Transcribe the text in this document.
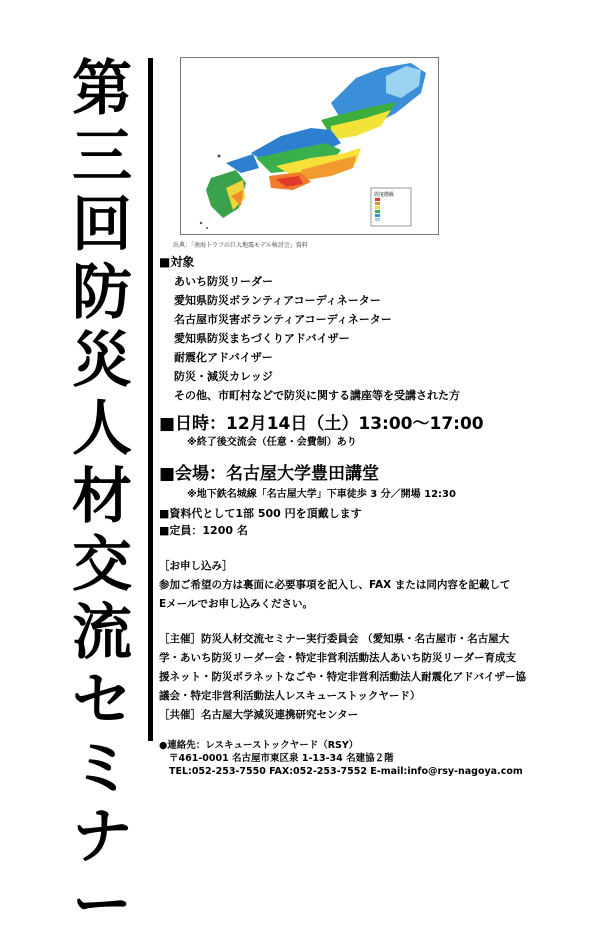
第
三
回
防
災
人
材
交
流
セ
ミ
ナ
ー
震度階級
出典：「南海トラフの巨大地震モデル検討会」資料
■対象
あいち防災リーダー
愛知県防災ボランティアコーディネーター
名古屋市災害ボランティアコーディネーター
愛知県防災まちづくりアドバイザー
耐震化アドバイザー
防災・減災カレッジ
その他、市町村などで防災に関する講座等を受講された方
■日時：12月14日（土）13:00～17:00
※終了後交流会（任意・会費制）あり
■会場：名古屋大学豊田講堂
※地下鉄名城線「名古屋大学」下車徒歩 3 分／開場 12:30
■資料代として1部 500 円を頂戴します
■定員：1200 名
［お申し込み］
参加ご希望の方は裏面に必要事項を記入し、FAX または同内容を記載して
Eメールでお申し込みください。
［主催］防災人材交流セミナー実行委員会 （愛知県・名古屋市・名古屋大
学・あいち防災リーダー会・特定非営利活動法人あいち防災リーダー育成支
援ネット・防災ボラネットなごや・特定非営利活動法人耐震化アドバイザー協
議会・特定非営利活動法人レスキューストックヤード）
［共催］名古屋大学減災連携研究センター
●連絡先：レスキューストックヤード（RSY）
〒461-0001 名古屋市東区泉 1-13-34 名建協２階
TEL:052-253-7550 FAX:052-253-7552 E-mail:info@rsy-nagoya.com
